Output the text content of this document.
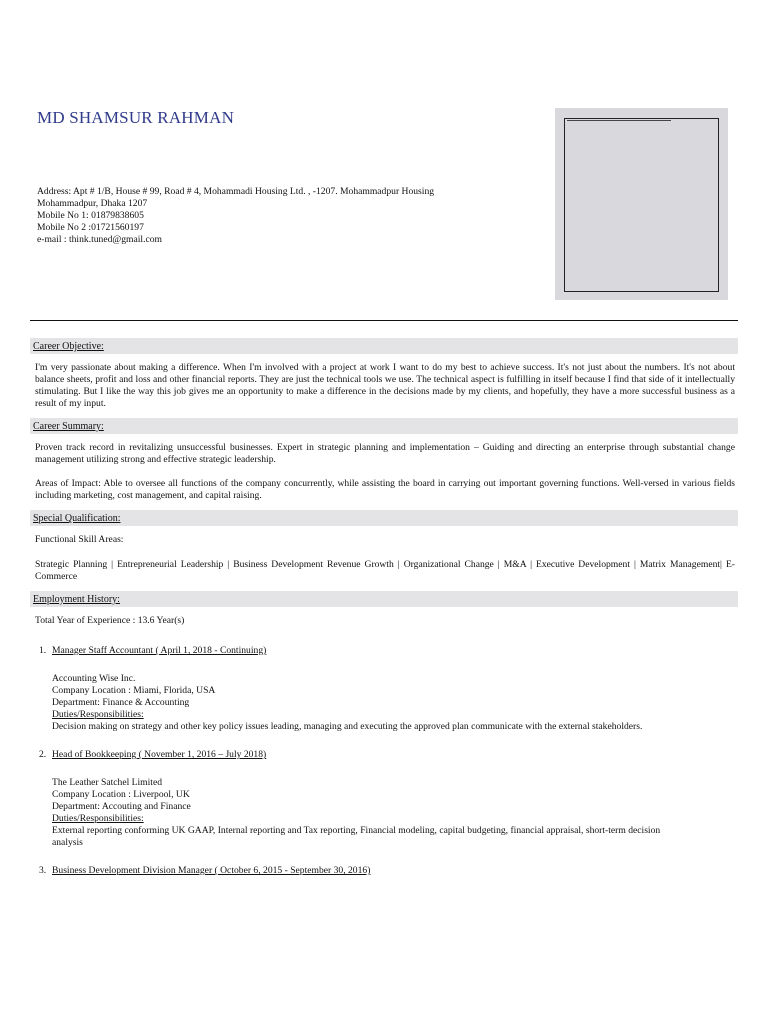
MD SHAMSUR RAHMAN
Address: Apt # 1/B, House # 99, Road # 4, Mohammadi Housing Ltd. , -1207. Mohammadpur Housing
Mohammadpur, Dhaka 1207
Mobile No 1: 01879838605
Mobile No 2 :01721560197
e-mail : think.tuned@gmail.com
Career Objective:

I'm very passionate about making a difference. When I'm involved with a project at work I want to do my best to achieve success. It's not just about the numbers. It's not about balance sheets, profit and loss and other financial reports. They are just the technical tools we use. The technical aspect is fulfilling in itself because I find that side of it intellectually stimulating. But I like the way this job gives me an opportunity to make a difference in the decisions made by my clients, and hopefully, they have a more successful business as a result of my input.

Career Summary:

Proven track record in revitalizing unsuccessful businesses. Expert in strategic planning and implementation – Guiding and directing an enterprise through substantial change management utilizing strong and effective strategic leadership.

Areas of Impact: Able to oversee all functions of the company concurrently, while assisting the board in carrying out important governing functions. Well-versed in various fields including marketing, cost management, and capital raising.

Special Qualification:

Functional Skill Areas:

Strategic Planning | Entrepreneurial Leadership | Business Development Revenue Growth | Organizational Change | M&A | Executive Development | Matrix Management| E-Commerce

Employment History:

Total Year of Experience : 13.6 Year(s)

1. Manager Staff Accountant ( April 1, 2018 - Continuing)
Accounting Wise Inc.
Company Location : Miami, Florida, USA
Department: Finance & Accounting
Duties/Responsibilities:
Decision making on strategy and other key policy issues leading, managing and executing the approved plan communicate with the external stakeholders.
2. Head of Bookkeeping ( November 1, 2016 – July 2018)
The Leather Satchel Limited
Company Location : Liverpool, UK
Department: Accouting and Finance
Duties/Responsibilities:
External reporting conforming UK GAAP, Internal reporting and Tax reporting, Financial modeling, capital budgeting, financial appraisal, short-term decision analysis
3. Business Development Division Manager ( October 6, 2015 - September 30, 2016)
